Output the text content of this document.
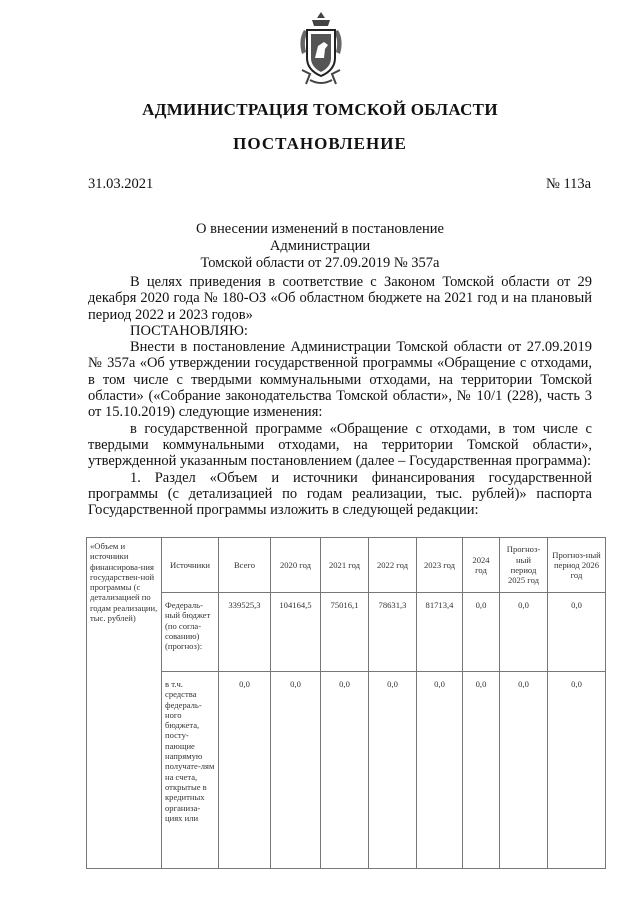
АДМИНИСТРАЦИЯ ТОМСКОЙ ОБЛАСТИ
ПОСТАНОВЛЕНИЕ
31.03.2021	№ 113а
О внесении изменений в постановление Администрации
Томской области от 27.09.2019 № 357а

В целях приведения в соответствие с Законом Томской области от 29 декабря 2020 года № 180-ОЗ «Об областном бюджете на 2021 год и на плановый период 2022 и 2023 годов»

ПОСТАНОВЛЯЮ:

Внести в постановление Администрации Томской области от 27.09.2019 № 357а «Об утверждении государственной программы «Обращение с отходами, в том числе с твердыми коммунальными отходами, на территории Томской области» («Собрание законодательства Томской области», № 10/1 (228), часть 3 от 15.10.2019) следующие изменения:

в государственной программе «Обращение с отходами, в том числе с твердыми коммунальными отходами, на территории Томской области», утвержденной указанным постановлением (далее – Государственная программа):

1. Раздел «Объем и источники финансирования государственной программы (с детализацией по годам реализации, тыс. рублей)» паспорта Государственной программы изложить в следующей редакции:

«Объем и источники финансирова-ния государствен-ной программы (с детализацией по годам реализации, тыс. рублей)	Источники	Всего	2020 год	2021 год	2022 год	2023 год	2024 год	Прогноз-ный период 2025 год	Прогноз-ный период 2026 год
	Федераль-ный бюджет (по согла-сованию) (прогноз):	339525,3	104164,5	75016,1	78631,3	81713,4	0,0	0,0	0,0
	в т.ч. средства федераль-ного бюджета, посту-пающие напрямую получате-лям на счета, открытые в кредитных организа-циях или	0,0	0,0	0,0	0,0	0,0	0,0	0,0	0,0
